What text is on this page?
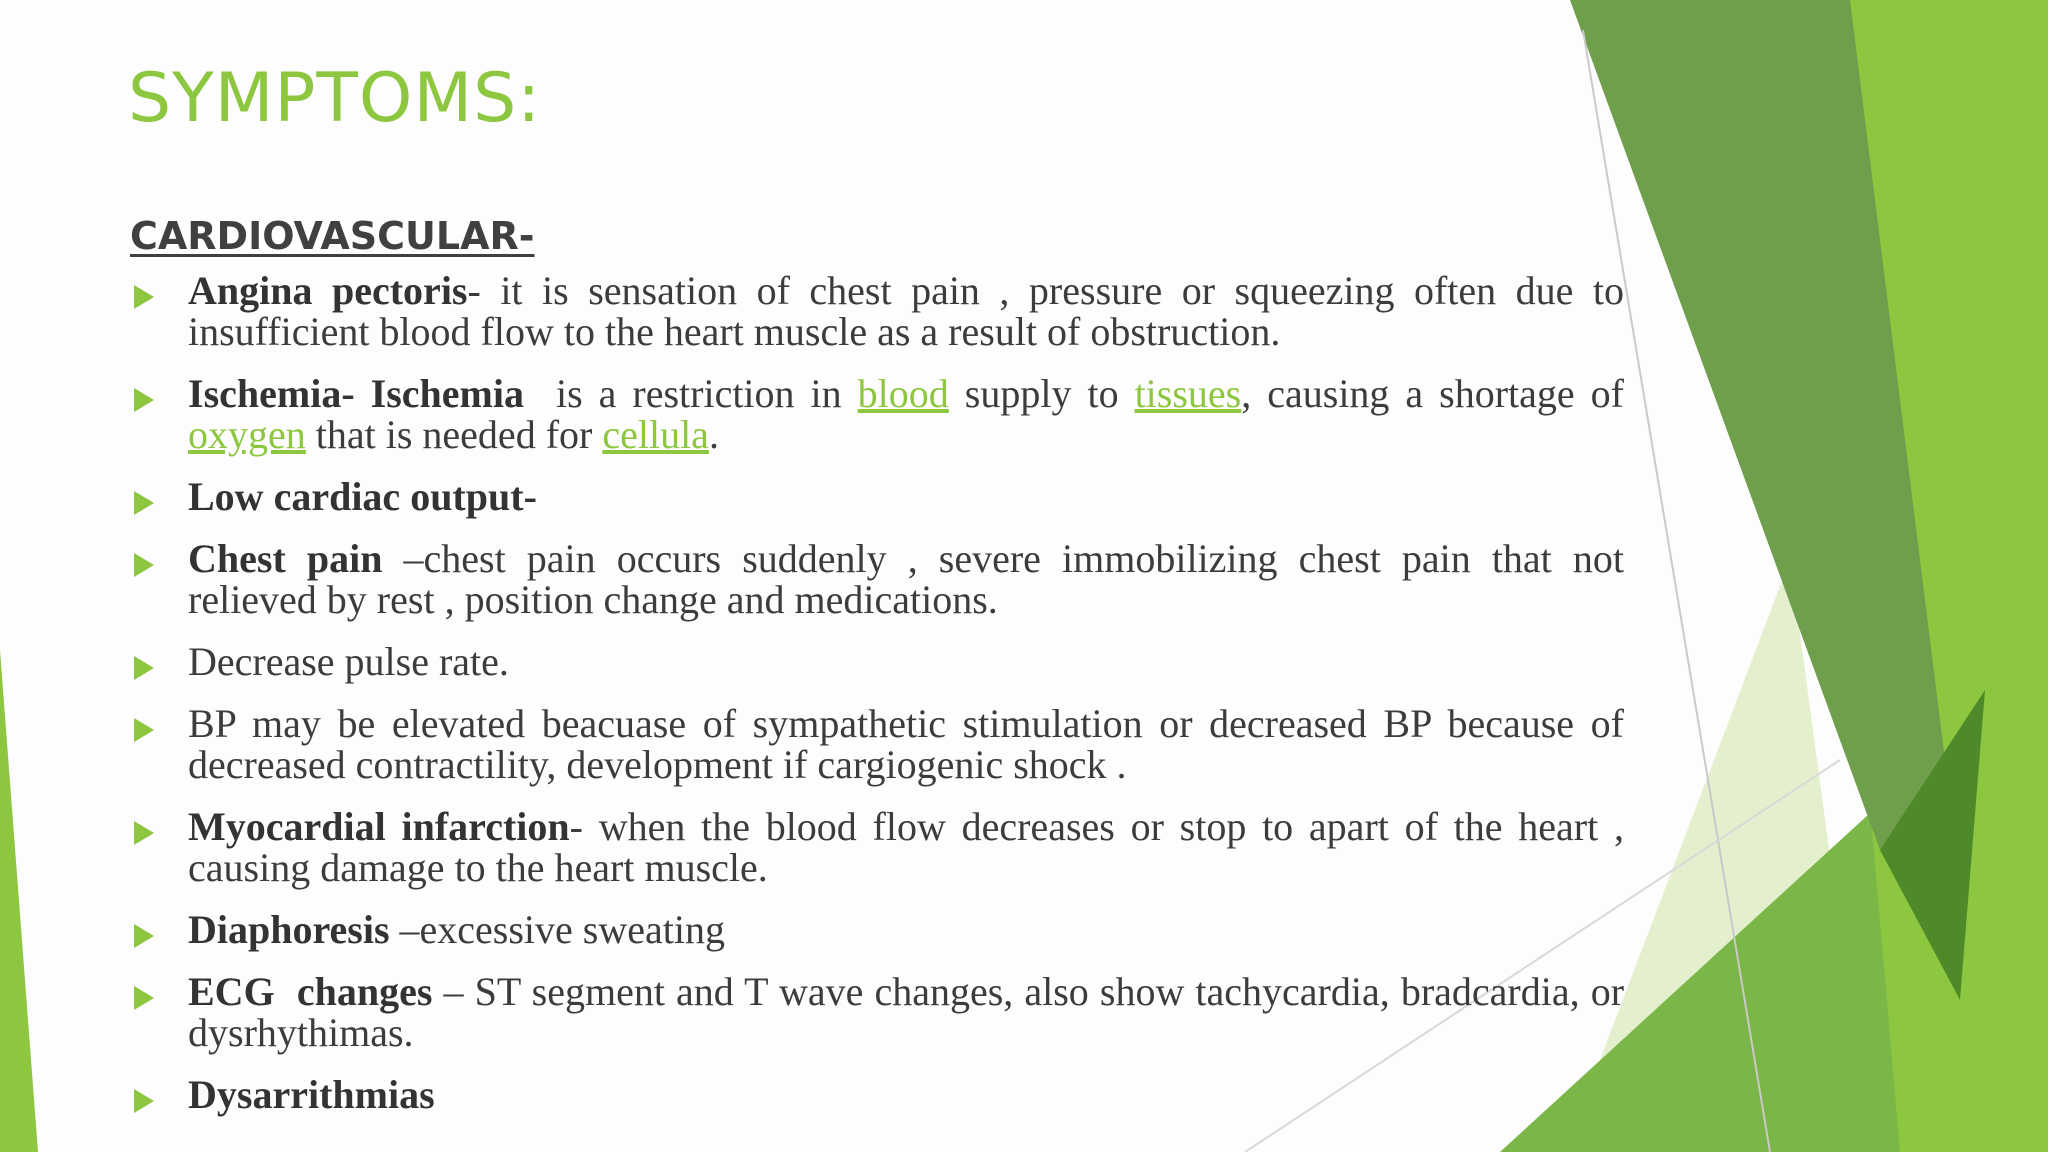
SYMPTOMS:
CARDIOVASCULAR-
Angina pectoris- it is sensation of chest pain , pressure or squeezing often due to insufficient blood flow to the heart muscle as a result of obstruction.
Ischemia- Ischemia  is a restriction in blood supply to tissues, causing a shortage of oxygen that is needed for cellula.
Low cardiac output-
Chest pain –chest pain occurs suddenly , severe immobilizing chest pain that not relieved by rest , position change and medications.
Decrease pulse rate.
BP may be elevated beacuase of sympathetic stimulation or decreased BP because of decreased contractility, development if cargiogenic shock .
Myocardial infarction- when the blood flow decreases or stop to apart of the heart , causing damage to the heart muscle.
Diaphoresis –excessive sweating
ECG  changes – ST segment and T wave changes, also show tachycardia, bradcardia, or dysrhythimas.
Dysarrithmias
